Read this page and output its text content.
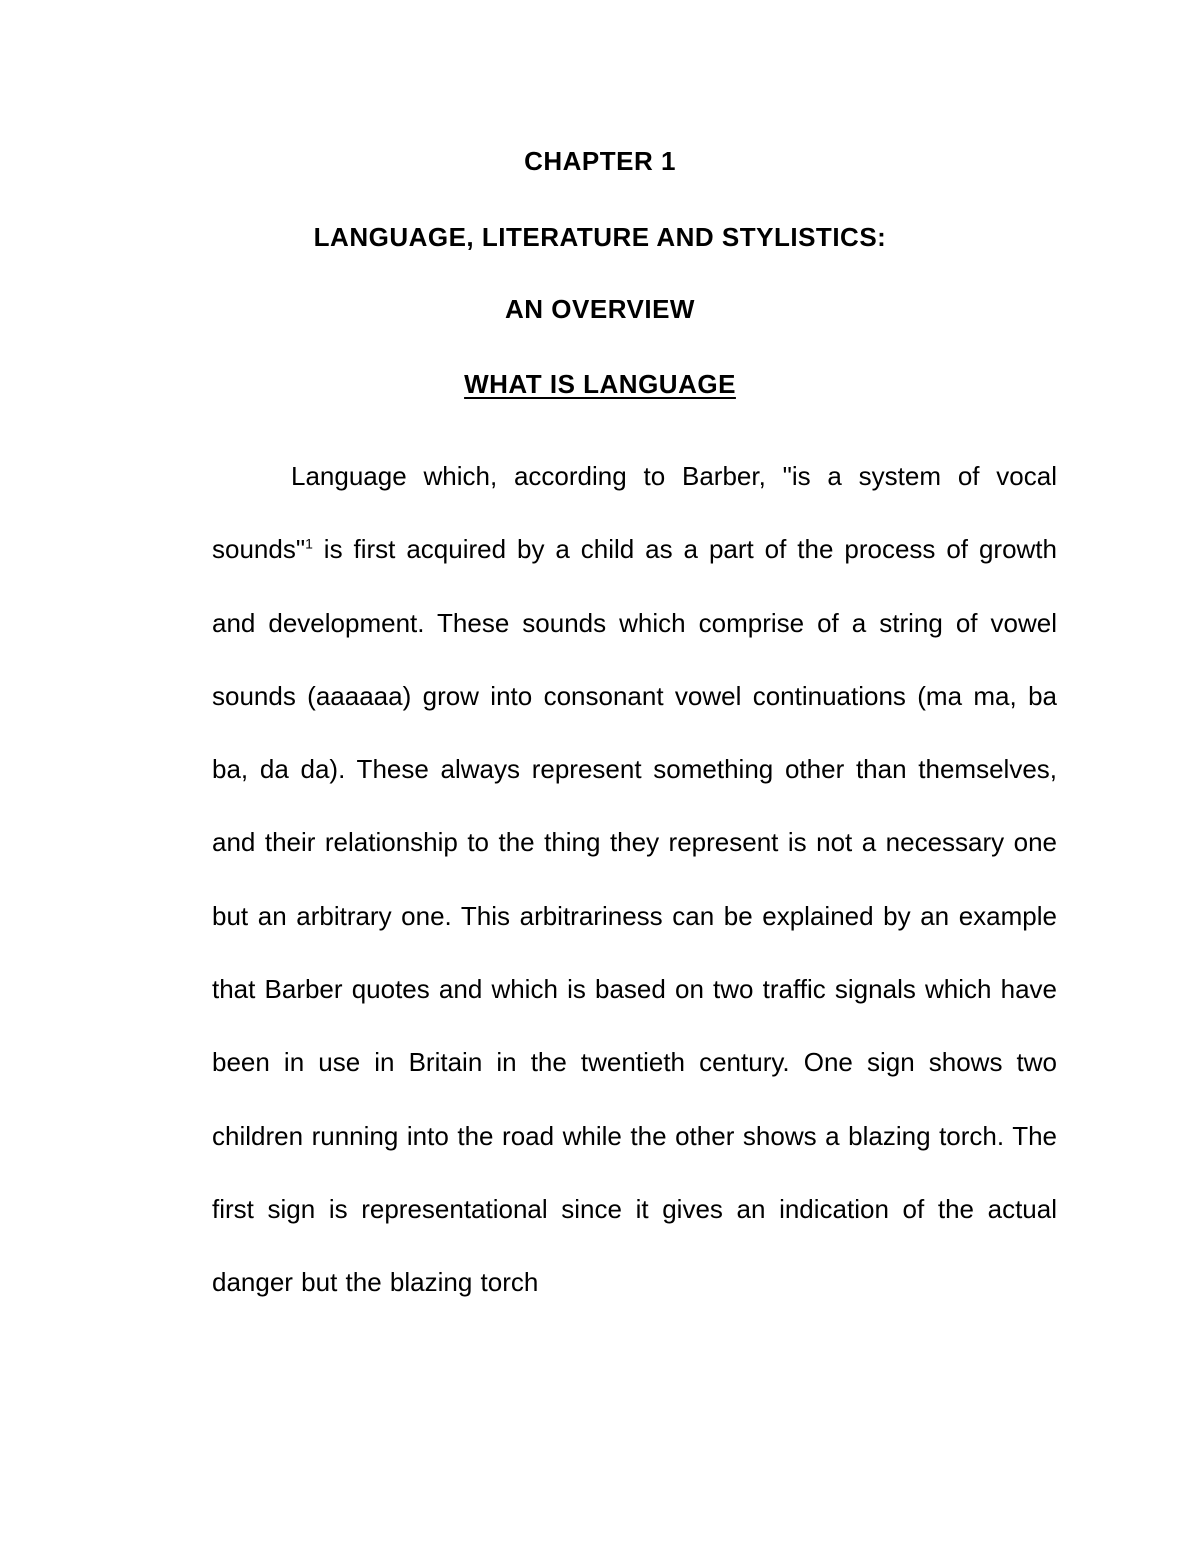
CHAPTER 1
LANGUAGE, LITERATURE AND STYLISTICS:
AN OVERVIEW
WHAT IS LANGUAGE

Language which, according to Barber, "is a system of vocal sounds"$^1$ is first acquired by a child as a part of the process of growth and development. These sounds which comprise of a string of vowel sounds (aaaaaa) grow into consonant vowel continuations (ma ma, ba ba, da da). These always represent something other than themselves, and their relationship to the thing they represent is not a necessary one but an arbitrary one. This arbitrariness can be explained by an example that Barber quotes and which is based on two traffic signals which have been in use in Britain in the twentieth century. One sign shows two children running into the road while the other shows a blazing torch. The first sign is representational since it gives an indication of the actual danger but the blazing torch
